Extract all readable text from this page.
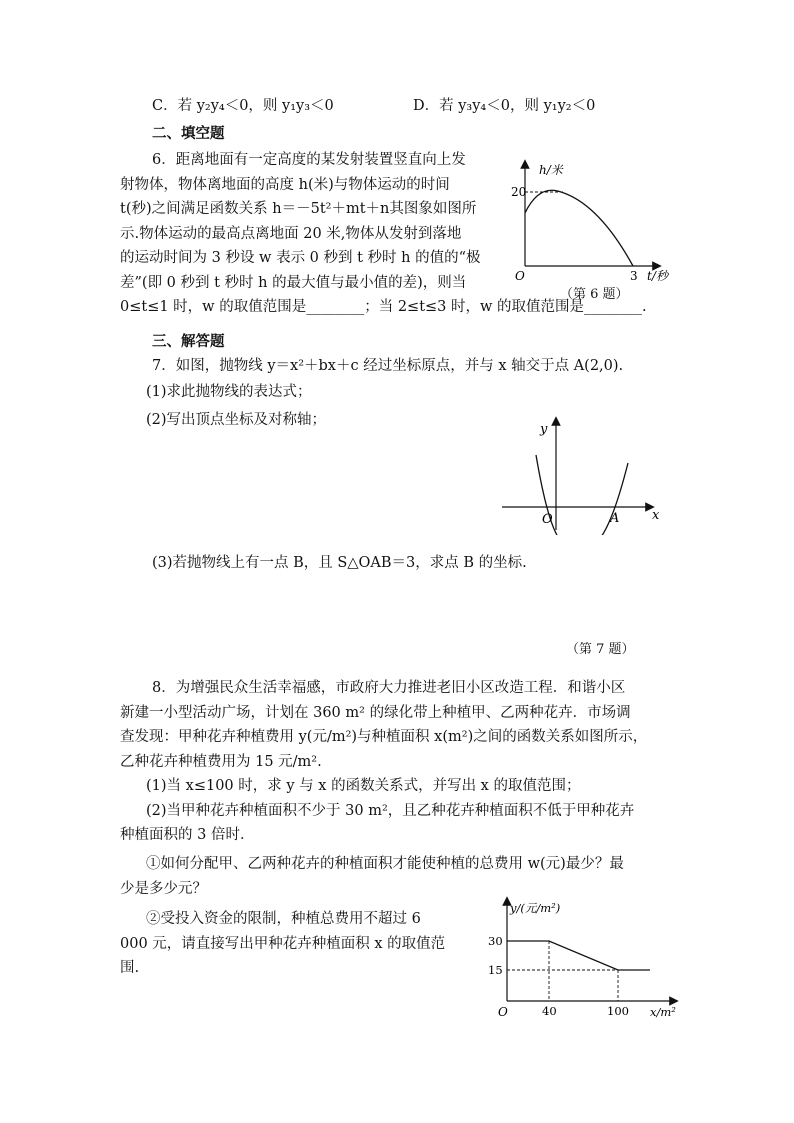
C．若 y₂y₄＜0，则 y₁y₃＜0	D．若 y₃y₄＜0，则 y₁y₂＜0
二、填空题

6．距离地面有一定高度的某发射装置竖直向上发

射物体，物体离地面的高度 h(米)与物体运动的时间

t(秒)之间满足函数关系 h＝－5t²＋mt＋n其图象如图所

示.物体运动的最高点离地面 20 米,物体从发射到落地

的运动时间为 3 秒设 w 表示 0 秒到 t 秒时 h 的值的“极

差”(即 0 秒到 t 秒时 h 的最大值与最小值的差)，则当

0≤t≤1 时，w 的取值范围是________；当 2≤t≤3 时，w 的取值范围是________.

h/米
20
O	3 t/秒
（第 6 题）
三、解答题
7．如图，抛物线 y＝x²＋bx＋c 经过坐标原点，并与 x 轴交于点 A(2,0).
(1)求此抛物线的表达式；
(2)写出顶点坐标及对称轴；
y
O	A	x
(3)若抛物线上有一点 B，且 S△OAB＝3，求点 B 的坐标.
（第 7 题）

8．为增强民众生活幸福感，市政府大力推进老旧小区改造工程．和谐小区

新建一小型活动广场，计划在 360 m² 的绿化带上种植甲、乙两种花卉．市场调

查发现：甲种花卉种植费用 y(元/m²)与种植面积 x(m²)之间的函数关系如图所示，

乙种花卉种植费用为 15 元/m².

(1)当 x≤100 时，求 y 与 x 的函数关系式，并写出 x 的取值范围；

(2)当甲种花卉种植面积不少于 30 m²，且乙种花卉种植面积不低于甲种花卉

种植面积的 3 倍时．

①如何分配甲、乙两种花卉的种植面积才能使种植的总费用 w(元)最少？最

少是多少元？

②受投入资金的限制，种植总费用不超过 6

000 元，请直接写出甲种花卉种植面积 x 的取值范

围.

y/(元/m²)
30
15
O	40	100 x/m²
